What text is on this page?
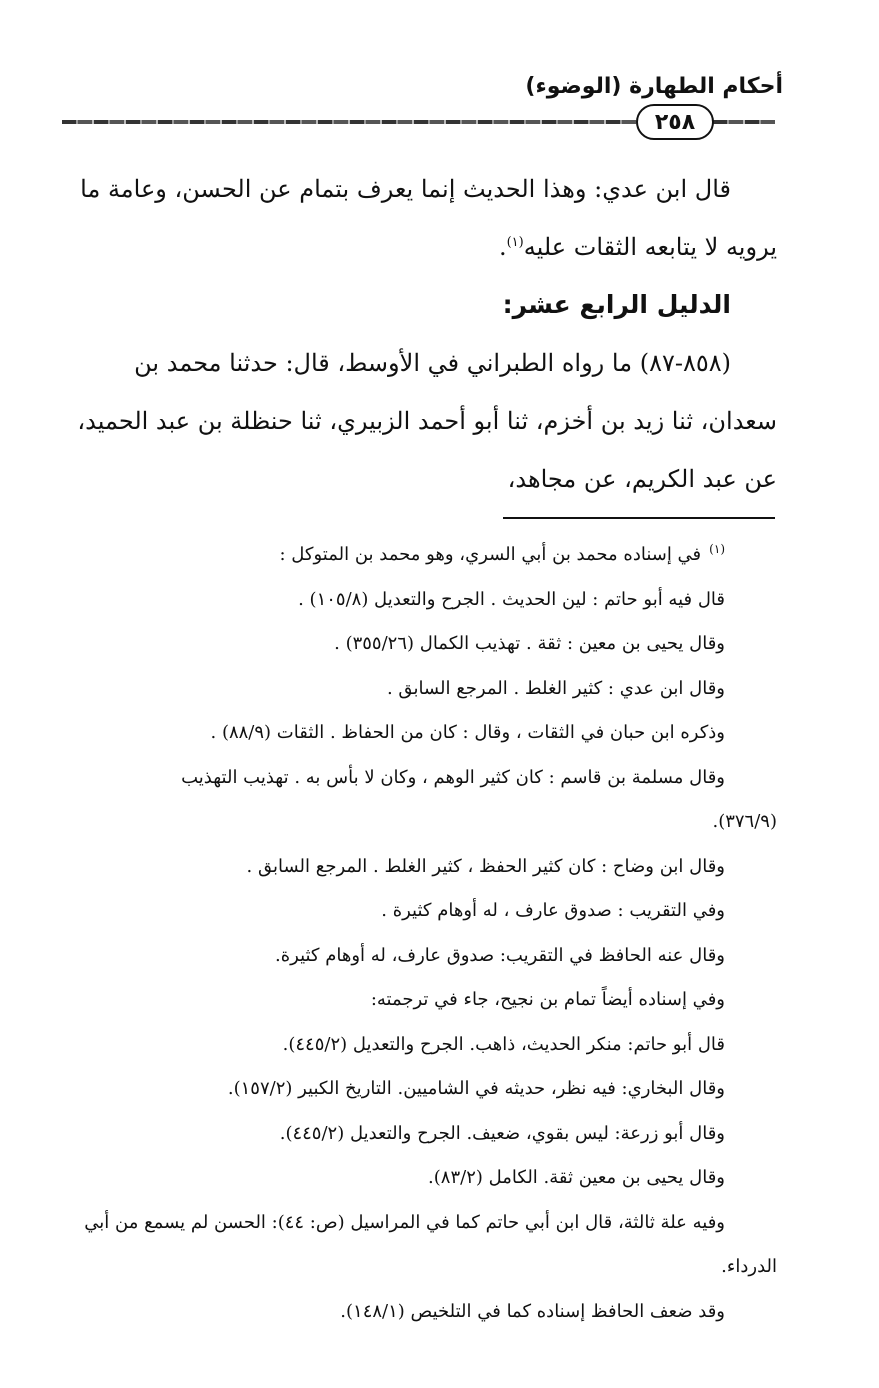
أحكام الطهارة (الوضوء)
٢٥٨

قال ابن عدي: وهذا الحديث إنما يعرف بتمام عن الحسن، وعامة ما

يرويه لا يتابعه الثقات عليه$^{(١)}$.

الدليل الرابع عشر:

(٨٥٨-٨٧) ما رواه الطبراني في الأوسط، قال: حدثنا محمد بن

سعدان، ثنا زيد بن أخزم، ثنا أبو أحمد الزبيري، ثنا حنظلة بن عبد الحميد،

عن عبد الكريم، عن مجاهد،

$^{(١)}$في إسناده محمد بن أبي السري، وهو محمد بن المتوكل :

قال فيه أبو حاتم : لين الحديث . الجرح والتعديل (١٠٥/٨) .

وقال يحيى بن معين : ثقة . تهذيب الكمال (٣٥٥/٢٦) .

وقال ابن عدي : كثير الغلط . المرجع السابق .

وذكره ابن حبان في الثقات ، وقال : كان من الحفاظ . الثقات (٨٨/٩) .

وقال مسلمة بن قاسم : كان كثير الوهم ، وكان لا بأس به . تهذيب التهذيب

(٣٧٦/٩).

وقال ابن وضاح : كان كثير الحفظ ، كثير الغلط . المرجع السابق .

وفي التقريب : صدوق عارف ، له أوهام كثيرة .

وقال عنه الحافظ في التقريب: صدوق عارف، له أوهام كثيرة.

وفي إسناده أيضاً تمام بن نجيح، جاء في ترجمته:

قال أبو حاتم: منكر الحديث، ذاهب. الجرح والتعديل (٤٤٥/٢).

وقال البخاري: فيه نظر، حديثه في الشاميين. التاريخ الكبير (١٥٧/٢).

وقال أبو زرعة: ليس بقوي، ضعيف. الجرح والتعديل (٤٤٥/٢).

وقال يحيى بن معين ثقة. الكامل (٨٣/٢).

وفيه علة ثالثة، قال ابن أبي حاتم كما في المراسيل (ص: ٤٤): الحسن لم يسمع من أبي

الدرداء.

وقد ضعف الحافظ إسناده كما في التلخيص (١٤٨/١).
